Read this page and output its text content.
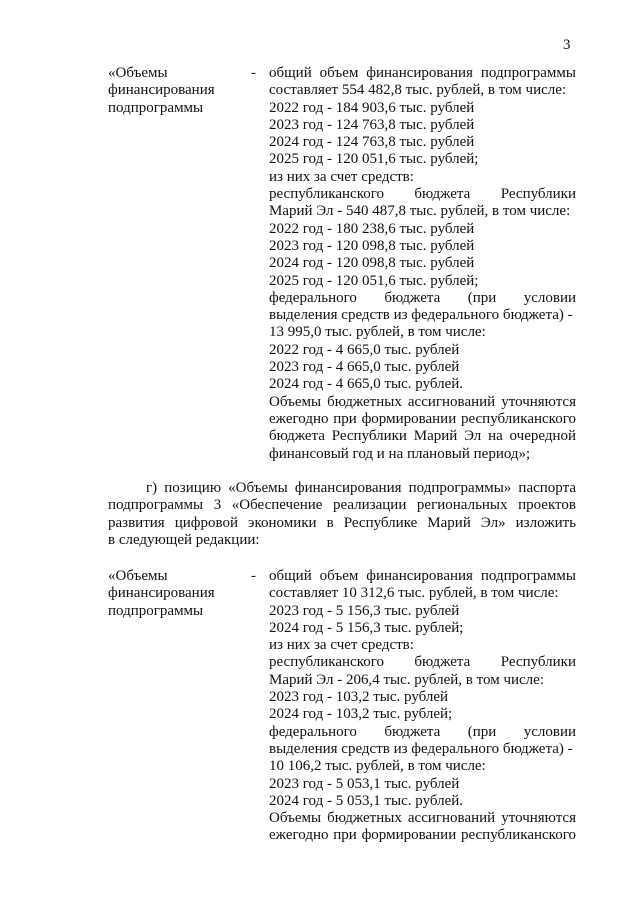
3
«Объемы
финансирования
подпрограммы
- общий объем финансирования подпрограммы
составляет 554 482,8 тыс. рублей, в том числе:
2022 год - 184 903,6 тыс. рублей
2023 год - 124 763,8 тыс. рублей
2024 год - 124 763,8 тыс. рублей
2025 год - 120 051,6 тыс. рублей;
из них за счет средств:
республиканского бюджета Республики
Марий Эл - 540 487,8 тыс. рублей, в том числе:
2022 год - 180 238,6 тыс. рублей
2023 год - 120 098,8 тыс. рублей
2024 год - 120 098,8 тыс. рублей
2025 год - 120 051,6 тыс. рублей;
федерального бюджета (при условии
выделения средств из федерального бюджета) -
13 995,0 тыс. рублей, в том числе:
2022 год - 4 665,0 тыс. рублей
2023 год - 4 665,0 тыс. рублей
2024 год - 4 665,0 тыс. рублей.
Объемы бюджетных ассигнований уточняются
ежегодно при формировании республиканского
бюджета Республики Марий Эл на очередной
финансовый год и на плановый период»;
г) позицию «Объемы финансирования подпрограммы» паспорта
подпрограммы 3 «Обеспечение реализации региональных проектов
развития цифровой экономики в Республике Марий Эл» изложить
в следующей редакции:
«Объемы
финансирования
подпрограммы
- общий объем финансирования подпрограммы
составляет 10 312,6 тыс. рублей, в том числе:
2023 год - 5 156,3 тыс. рублей
2024 год - 5 156,3 тыс. рублей;
из них за счет средств:
республиканского бюджета Республики
Марий Эл - 206,4 тыс. рублей, в том числе:
2023 год - 103,2 тыс. рублей
2024 год - 103,2 тыс. рублей;
федерального бюджета (при условии
выделения средств из федерального бюджета) -
10 106,2 тыс. рублей, в том числе:
2023 год - 5 053,1 тыс. рублей
2024 год - 5 053,1 тыс. рублей.
Объемы бюджетных ассигнований уточняются
ежегодно при формировании республиканского
